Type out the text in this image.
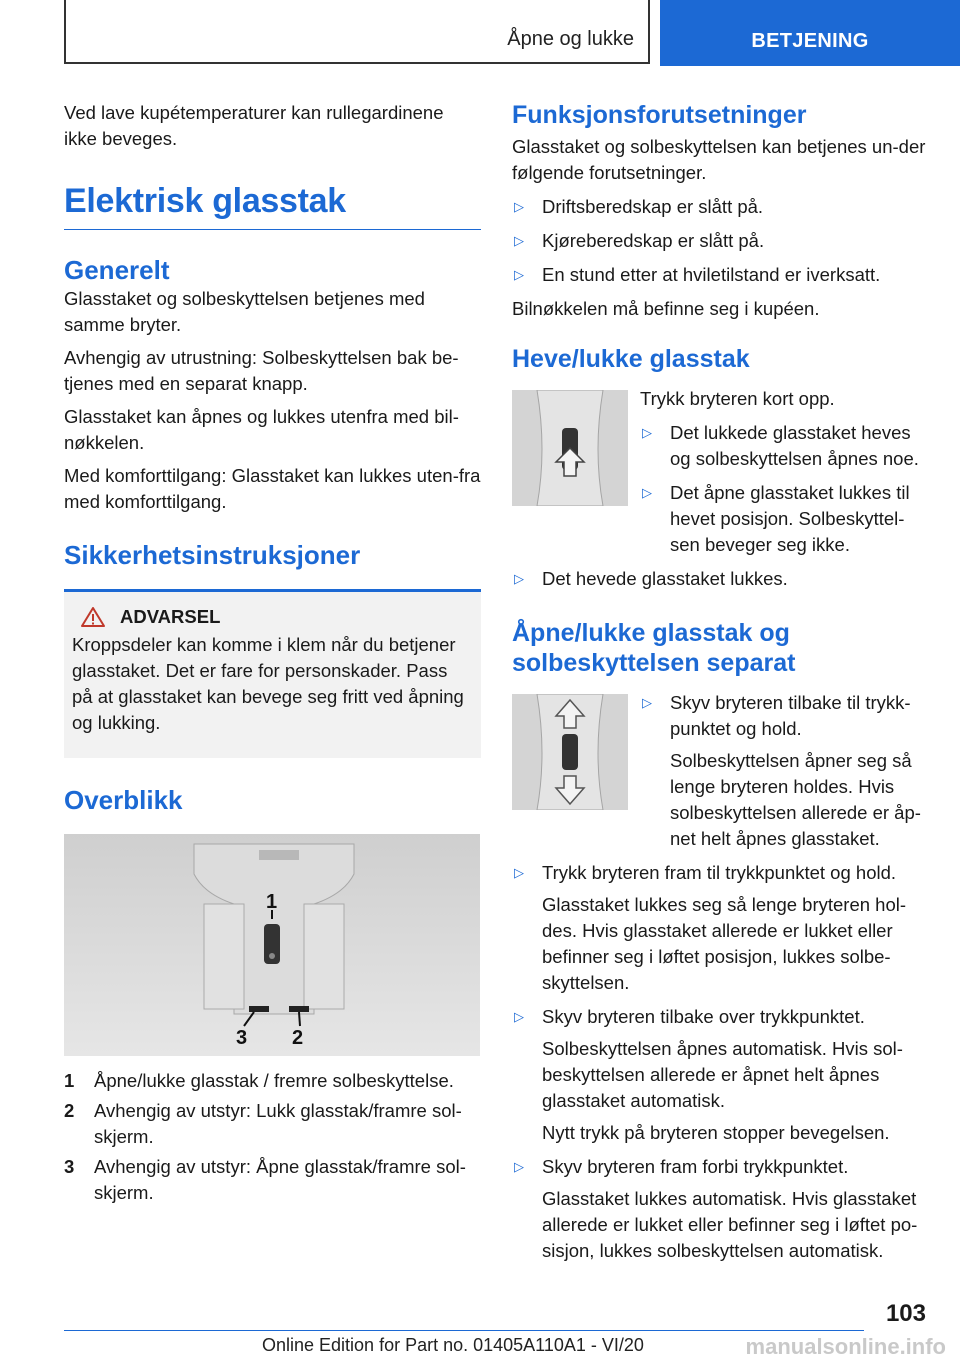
Åpne og lukke	BETJENING

Ved lave kupétemperaturer kan rullegardinene ikke beveges.

Elektrisk glasstak
Generelt

Glasstaket og solbeskyttelsen betjenes med samme bryter.

Avhengig av utrustning: Solbeskyttelsen bak be-tjenes med en separat knapp.

Glasstaket kan åpnes og lukkes utenfra med bil-nøkkelen.

Med komforttilgang: Glasstaket kan lukkes uten-fra med komforttilgang.

Sikkerhetsinstruksjoner
ADVARSEL

Kroppsdeler kan komme i klem når du betjener glasstaket. Det er fare for personskader. Pass på at glasstaket kan bevege seg fritt ved åpning og lukking.

Overblikk
1
2
3
1	Åpne/lukke glasstak / fremre solbeskyttelse.
2	Avhengig av utstyr: Lukk glasstak/framre sol-skjerm.
3	Avhengig av utstyr: Åpne glasstak/framre sol-skjerm.
Funksjonsforutsetninger

Glasstaket og solbeskyttelsen kan betjenes un-der følgende forutsetninger.

▷ Driftsberedskap er slått på.
▷ Kjøreberedskap er slått på.
▷ En stund etter at hviletilstand er iverksatt.

Bilnøkkelen må befinne seg i kupéen.

Heve/lukke glasstak

Trykk bryteren kort opp.

▷ Det lukkede glasstaket heves og solbeskyttelsen åpnes noe.
▷ Det åpne glasstaket lukkes til hevet posisjon. Solbeskyttel-sen beveger seg ikke.
▷ Det hevede glasstaket lukkes.
Åpne/lukke glasstak og
solbeskyttelsen separat
▷ Skyv bryteren tilbake til trykk-punktet og hold.

Solbeskyttelsen åpner seg så lenge bryteren holdes. Hvis solbeskyttelsen allerede er åp-net helt åpnes glasstaket.

▷ Trykk bryteren fram til trykkpunktet og hold.

Glasstaket lukkes seg så lenge bryteren hol-des. Hvis glasstaket allerede er lukket eller befinner seg i løftet posisjon, lukkes solbe-skyttelsen.

▷ Skyv bryteren tilbake over trykkpunktet.

Solbeskyttelsen åpnes automatisk. Hvis sol-beskyttelsen allerede er åpnet helt åpnes glasstaket automatisk.

Nytt trykk på bryteren stopper bevegelsen.

▷ Skyv bryteren fram forbi trykkpunktet.

Glasstaket lukkes automatisk. Hvis glasstaket allerede er lukket eller befinner seg i løftet po-sisjon, lukkes solbeskyttelsen automatisk.

103
Online Edition for Part no. 01405A110A1 - VI/20	manualsonline.info
